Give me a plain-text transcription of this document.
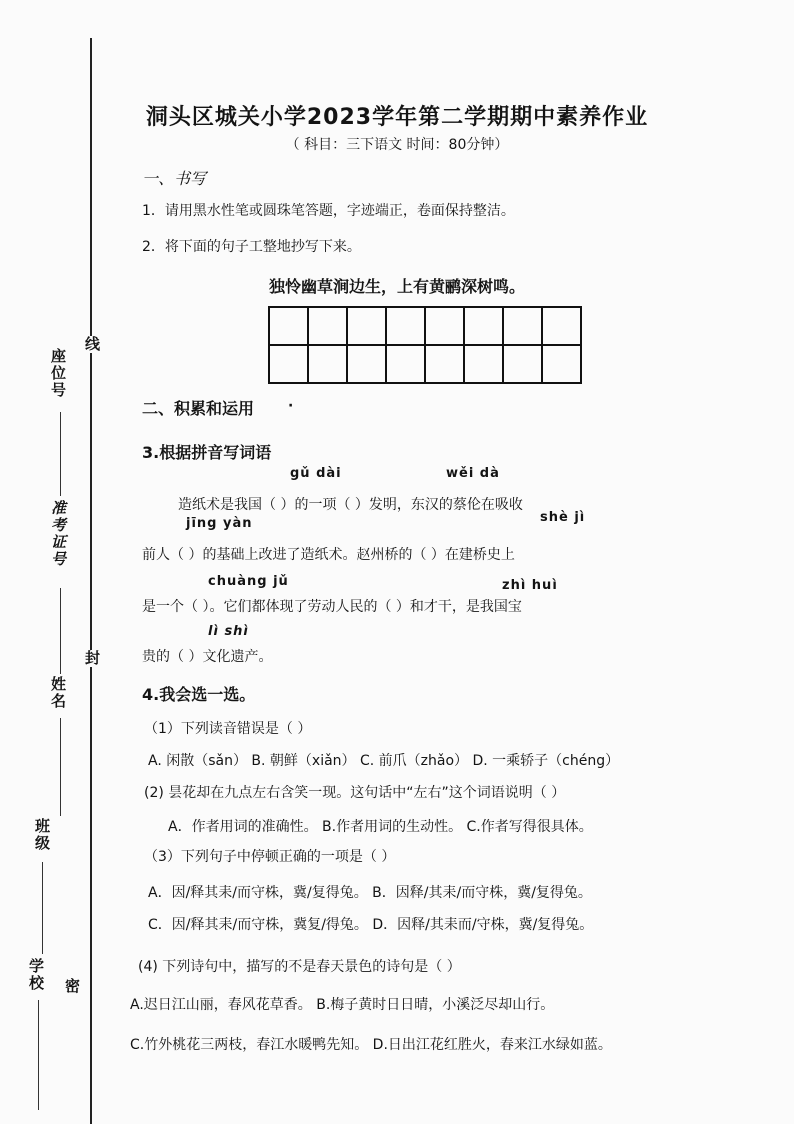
座位号
线
准考证号
姓名
封
班级
学校 密
洞头区城关小学2023学年第二学期期中素养作业
（ 科目：三下语文 时间：80分钟）
一、书写
1．请用黑水性笔或圆珠笔答题，字迹端正，卷面保持整洁。
2．将下面的句子工整地抄写下来。
独怜幽草涧边生，上有黄鹂深树鸣。
二、积累和运用 ·
3.根据拼音写词语
gǔ dài	wěi dà
造纸术是我国（ ）的一项（ ）发明，东汉的蔡伦在吸收
jīng yàn	shè jì
前人（ ）的基础上改进了造纸术。赵州桥的（ ）在建桥史上
chuàng jǔ	zhì huì
是一个（ ）。它们都体现了劳动人民的（ ）和才干，是我国宝
lì shì
贵的（ ）文化遗产。
4.我会选一选。
（1）下列读音错误是（ ）
A. 闲散（sǎn） B. 朝鲜（xiǎn） C. 前爪（zhǎo） D. 一乘轿子（chéng）
(2) 昙花却在九点左右含笑一现。这句话中“左右”这个词语说明（ ）
A．作者用词的准确性。 B.作者用词的生动性。 C.作者写得很具体。
（3）下列句子中停顿正确的一项是（ ）
A．因/释其耒/而守株，冀/复得兔。 B．因释/其耒/而守株，冀/复得兔。
C．因/释其耒/而守株，冀复/得兔。 D．因释/其耒而/守株，冀/复得兔。
(4) 下列诗句中，描写的不是春天景色的诗句是（ ）
A.迟日江山丽，春风花草香。 B.梅子黄时日日晴，小溪泛尽却山行。
C.竹外桃花三两枝，春江水暖鸭先知。 D.日出江花红胜火，春来江水绿如蓝。
